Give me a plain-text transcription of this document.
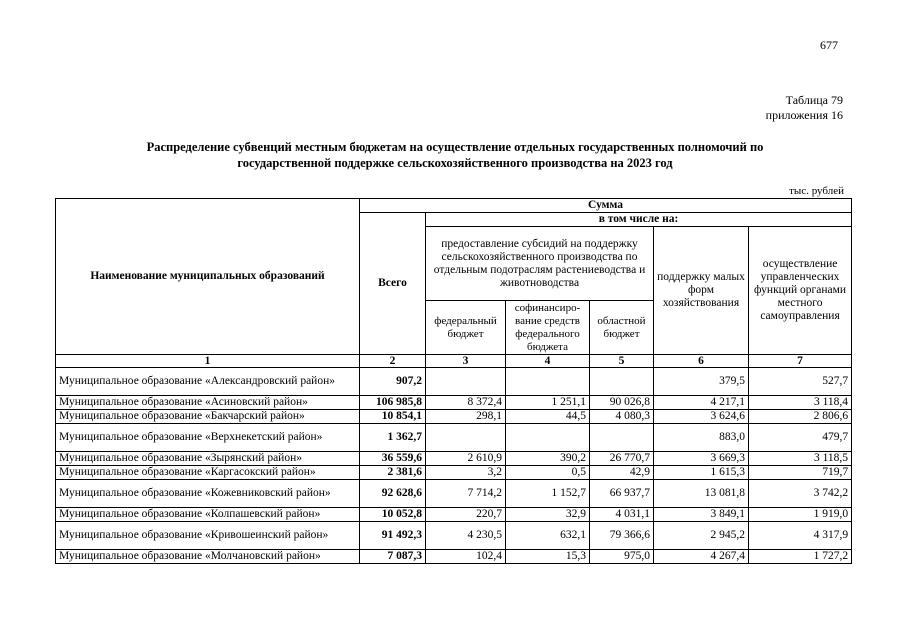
677
Таблица 79
приложения 16
Распределение субвенций местным бюджетам на осуществление отдельных государственных полномочий по
государственной поддержке сельскохозяйственного производства на 2023 год
тыс. рублей
Наименование муниципальных образований	Сумма					
	Всего	в том числе на:				
		предоставление субсидий на поддержку сельскохозяйственного производства по отдельным подотраслям растениеводства и животноводства			поддержку малых форм хозяйствования	осуществление управленческих функций органами местного самоуправления
		федеральный бюджет	софинансиро-вание средств федерального бюджета	областной бюджет		
1	2	3	4	5	6	7
Муниципальное образование «Александровский район»	907,2				379,5	527,7
Муниципальное образование «Асиновский район»	106 985,8	8 372,4	1 251,1	90 026,8	4 217,1	3 118,4
Муниципальное образование «Бакчарский район»	10 854,1	298,1	44,5	4 080,3	3 624,6	2 806,6
Муниципальное образование «Верхнекетский район»	1 362,7				883,0	479,7
Муниципальное образование «Зырянский район»	36 559,6	2 610,9	390,2	26 770,7	3 669,3	3 118,5
Муниципальное образование «Каргасокский район»	2 381,6	3,2	0,5	42,9	1 615,3	719,7
Муниципальное образование «Кожевниковский район»	92 628,6	7 714,2	1 152,7	66 937,7	13 081,8	3 742,2
Муниципальное образование «Колпашевский район»	10 052,8	220,7	32,9	4 031,1	3 849,1	1 919,0
Муниципальное образование «Кривошеинский район»	91 492,3	4 230,5	632,1	79 366,6	2 945,2	4 317,9
Муниципальное образование «Молчановский район»	7 087,3	102,4	15,3	975,0	4 267,4	1 727,2
